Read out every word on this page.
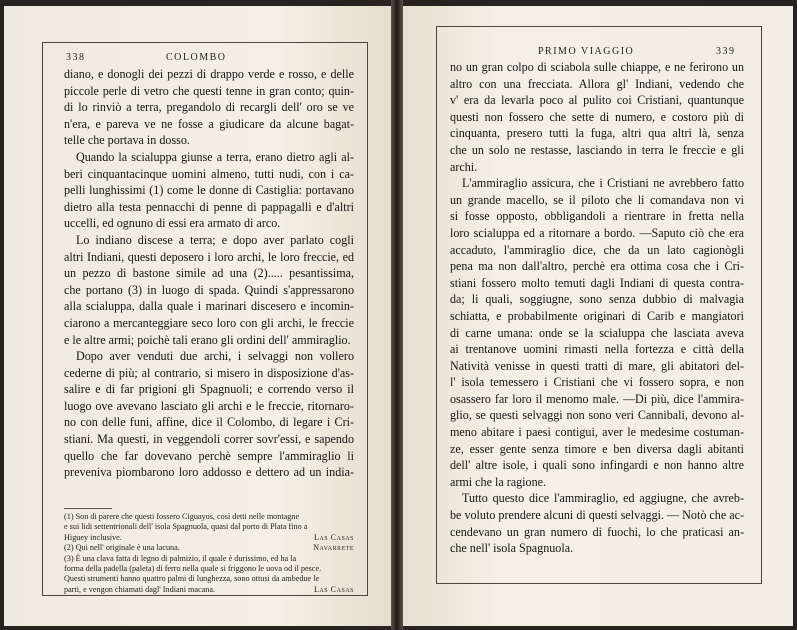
338	COLOMBO
diano, e donogli dei pezzi di drappo verde e rosso, e delle
piccole perle di vetro che questi tenne in gran conto; quin-
di lo rinviò a terra, pregandolo di recargli dell' oro se ve
n'era, e pareva ve ne fosse a giudicare da alcune bagat-
telle che portava in dosso.
Quando la scialuppa giunse a terra, erano dietro agli al-
beri cinquantacinque uomini almeno, tutti nudi, con i ca-
pelli lunghissimi (1) come le donne di Castiglia: portavano
dietro alla testa pennacchi di penne di pappagalli e d'altri
uccelli, ed ognuno di essi era armato di arco.
Lo indiano discese a terra; e dopo aver parlato cogli
altri Indiani, questi deposero i loro archi, le loro freccie, ed
un pezzo di bastone simile ad una (2)..... pesantissima,
che portano (3) in luogo di spada. Quindi s'appressarono
alla scialuppa, dalla quale i marinari discesero e incomin-
ciarono a mercanteggiare seco loro con gli archi, le freccie
e le altre armi; poichè tali erano gli ordini dell' ammiraglio.
Dopo aver venduti due archi, i selvaggi non vollero
cederne di più; al contrario, si misero in disposizione d'as-
salire e di far prigioni gli Spagnuoli; e correndo verso il
luogo ove avevano lasciato gli archi e le freccie, ritornaro-
no con delle funi, affine, dice il Colombo, di legare i Cri-
stiani. Ma questi, in veggendoli correr sovr'essi, e sapendo
quello che far dovevano perchè sempre l'ammiraglio li
preveniva piombarono loro addosso e dettero ad un india-
(1) Son di parere che questi fossero Ciguayos, così detti nelle montagne
e sui lidi settentrionali dell' isola Spagnuola, quasi dal porto di Plata fino a
Higuey inclusive.	Las Casas
(2) Qui nell' originale è una lacuna.	Navarrete
(3) È una clava fatta di legno di palmizio, il quale è durissimo, ed ha la
forma della padella (paleta) di ferro nella quale si friggono le uova od il pesce.
Questi strumenti hanno quattro palmi di lunghezza, sono ottusi da ambedue le
parti, e vengon chiamati dagl' Indiani macana.	Las Casas
PRIMO VIAGGIO	339
no un gran colpo di sciabola sulle chiappe, e ne ferirono un
altro con una frecciata. Allora gl' Indiani, vedendo che
v' era da levarla poco al pulito coi Cristiani, quantunque
questi non fossero che sette di numero, e costoro più di
cinquanta, presero tutti la fuga, altri qua altri là, senza
che un solo ne restasse, lasciando in terra le freccie e gli
archi.
L'ammiraglio assicura, che i Cristiani ne avrebbero fatto
un grande macello, se il piloto che li comandava non vi
si fosse opposto, obbligandoli a rientrare in fretta nella
loro scialuppa ed a ritornare a bordo. —Saputo ciò che era
accaduto, l'ammiraglio dice, che da un lato cagionògli
pena ma non dall'altro, perchè era ottima cosa che i Cri-
stiani fossero molto temuti dagli Indiani di questa contra-
da; li quali, soggiugne, sono senza dubbio di malvagia
schiatta, e probabilmente originari di Carib e mangiatori
di carne umana: onde se la scialuppa che lasciata aveva
ai trentanove uomini rimasti nella fortezza e città della
Natività venisse in questi tratti di mare, gli abitatori del-
l' isola temessero i Cristiani che vi fossero sopra, e non
osassero far loro il menomo male. —Di più, dice l'ammira-
glio, se questi selvaggi non sono veri Cannibali, devono al-
meno abitare i paesi contigui, aver le medesime costuman-
ze, esser gente senza timore e ben diversa dagli abitanti
dell' altre isole, i quali sono infingardi e non hanno altre
armi che la ragione.
Tutto questo dice l'ammiraglio, ed aggiugne, che avreb-
be voluto prendere alcuni di questi selvaggi. — Notò che ac-
cendevano un gran numero di fuochi, lo che praticasi an-
che nell' isola Spagnuola.
